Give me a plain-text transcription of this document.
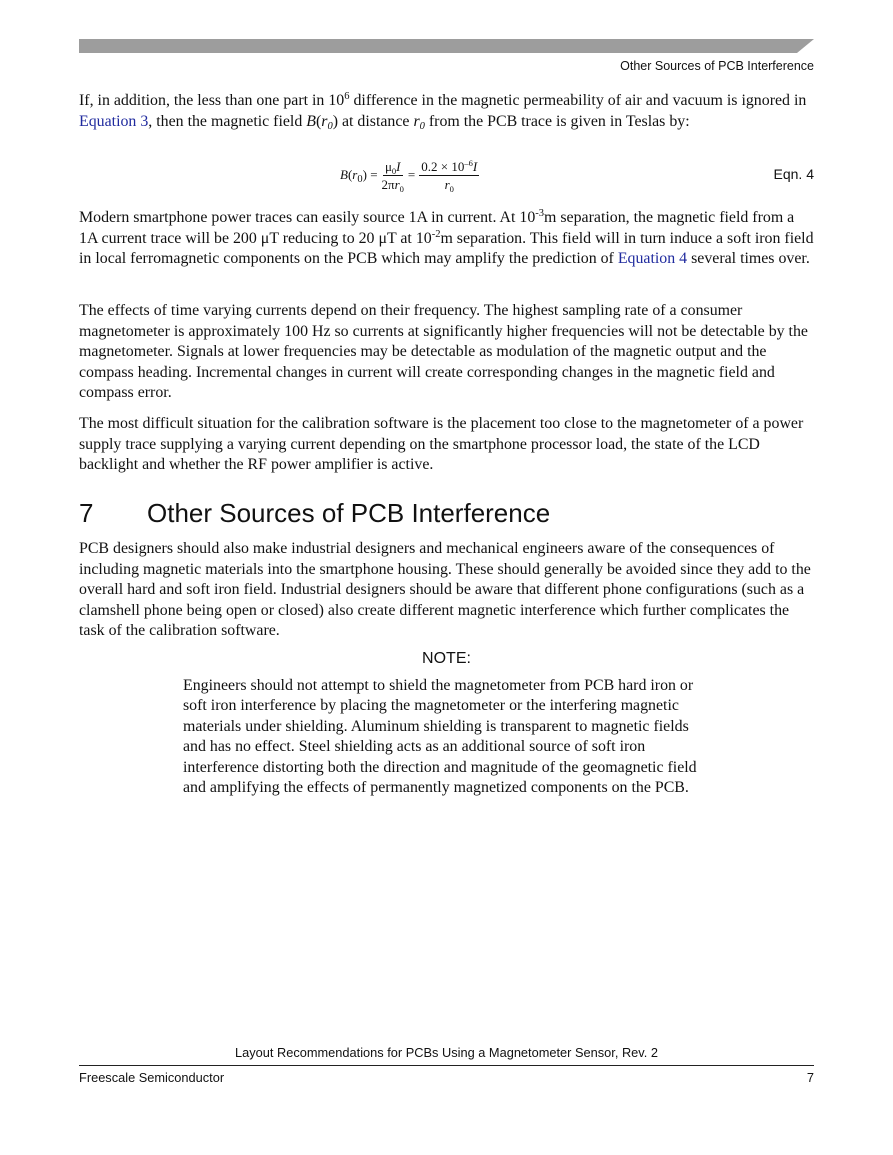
Other Sources of PCB Interference

If, in addition, the less than one part in $10^6$ difference in the magnetic permeability of air and vacuum is ignored in Equation 3, then the magnetic field $B(r_0)$ at distance $r_0$ from the PCB trace is given in Teslas by:

$B(r_0) = \frac{\mu_0I}{2\pi r_0} = \frac{0.2 \times 10^{-6}I}{r_0}$	Eqn. 4

Modern smartphone power traces can easily source 1A in current. At $10^{-3}m$ separation, the magnetic field from a 1A current trace will be 200 μT reducing to 20 μT at $10^{-2}m$ separation. This field will in turn induce a soft iron field in local ferromagnetic components on the PCB which may amplify the prediction of Equation 4 several times over.

The effects of time varying currents depend on their frequency. The highest sampling rate of a consumer magnetometer is approximately 100 Hz so currents at significantly higher frequencies will not be detectable by the magnetometer. Signals at lower frequencies may be detectable as modulation of the magnetic output and the compass heading. Incremental changes in current will create corresponding changes in the magnetic field and compass error.

The most difficult situation for the calibration software is the placement too close to the magnetometer of a power supply trace supplying a varying current depending on the smartphone processor load, the state of the LCD backlight and whether the RF power amplifier is active.

7 Other Sources of PCB Interference

PCB designers should also make industrial designers and mechanical engineers aware of the consequences of including magnetic materials into the smartphone housing. These should generally be avoided since they add to the overall hard and soft iron field. Industrial designers should be aware that different phone configurations (such as a clamshell phone being open or closed) also create different magnetic interference which further complicates the task of the calibration software.

NOTE:
Engineers should not attempt to shield the magnetometer from PCB hard iron or soft iron interference by placing the magnetometer or the interfering magnetic materials under shielding. Aluminum shielding is transparent to magnetic fields and has no effect. Steel shielding acts as an additional source of soft iron interference distorting both the direction and magnitude of the geomagnetic field and amplifying the effects of permanently magnetized components on the PCB.
Layout Recommendations for PCBs Using a Magnetometer Sensor, Rev. 2
Freescale Semiconductor	7
